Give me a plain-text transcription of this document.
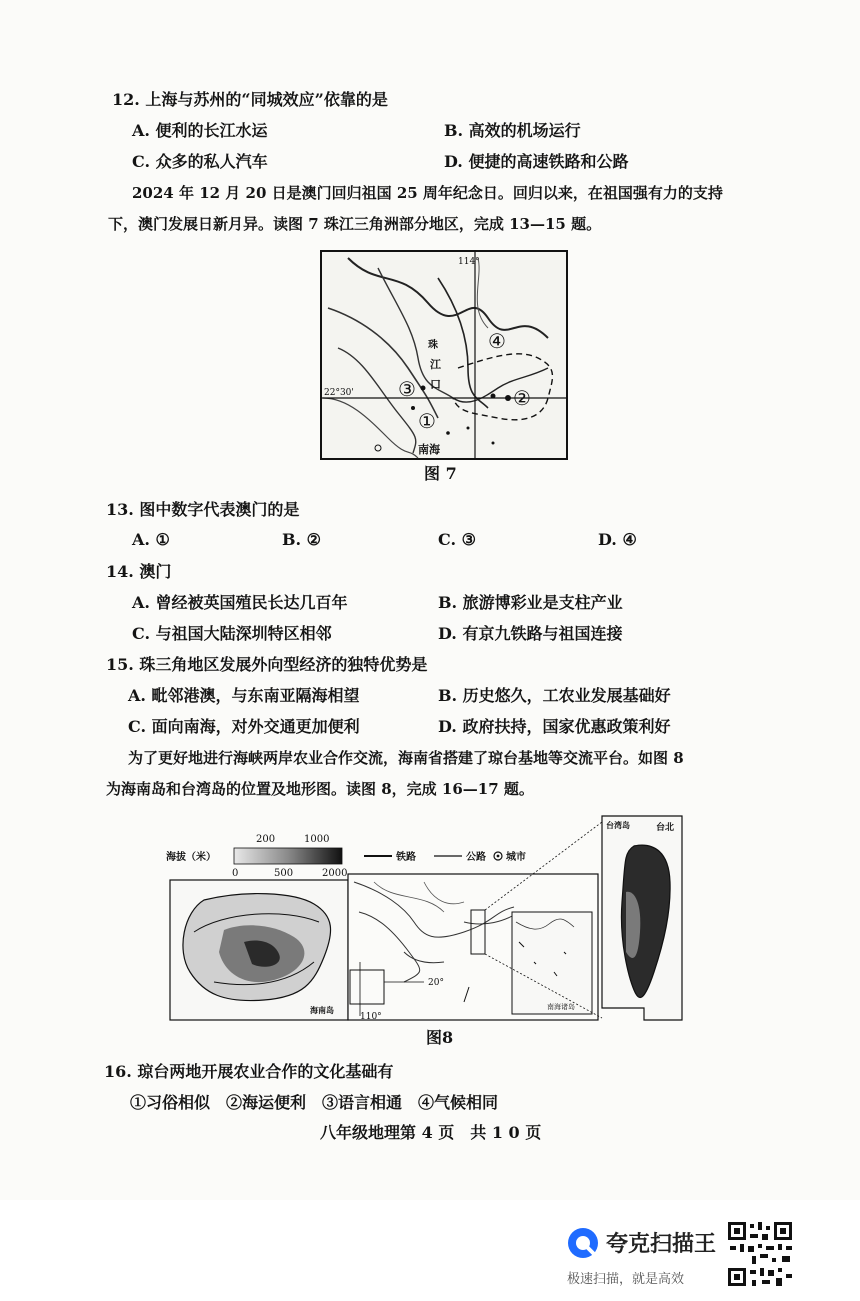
12. 上海与苏州的“同城效应”依靠的是
A. 便利的长江水运	B. 高效的机场运行
C. 众多的私人汽车	D. 便捷的高速铁路和公路
2024 年 12 月 20 日是澳门回归祖国 25 周年纪念日。回归以来，在祖国强有力的支持
下，澳门发展日新月异。读图 7 珠江三角洲部分地区，完成 13—15 题。
114°
22°30'
珠
江
口
南海
①
②
③
④
图 7
13. 图中数字代表澳门的是
A. ①	B. ②	C. ③	D. ④
14. 澳门
A. 曾经被英国殖民长达几百年	B. 旅游博彩业是支柱产业
C. 与祖国大陆深圳特区相邻	D. 有京九铁路与祖国连接
15. 珠三角地区发展外向型经济的独特优势是
A. 毗邻港澳，与东南亚隔海相望	B. 历史悠久，工农业发展基础好
C. 面向南海，对外交通更加便利	D. 政府扶持，国家优惠政策利好
为了更好地进行海峡两岸农业合作交流，海南省搭建了琼台基地等交流平台。如图 8
为海南岛和台湾岛的位置及地形图。读图 8，完成 16—17 题。
海拔（米）
200	1000
0	500	2000
铁路	公路 城市
海南岛
20°
110°
南海诸岛
台湾岛	台北
图8
16. 琼台两地开展农业合作的文化基础有
①习俗相似　②海运便利　③语言相通　④气候相同
八年级地理第 4 页　共 1 0 页
夸克扫描王
极速扫描，就是高效
